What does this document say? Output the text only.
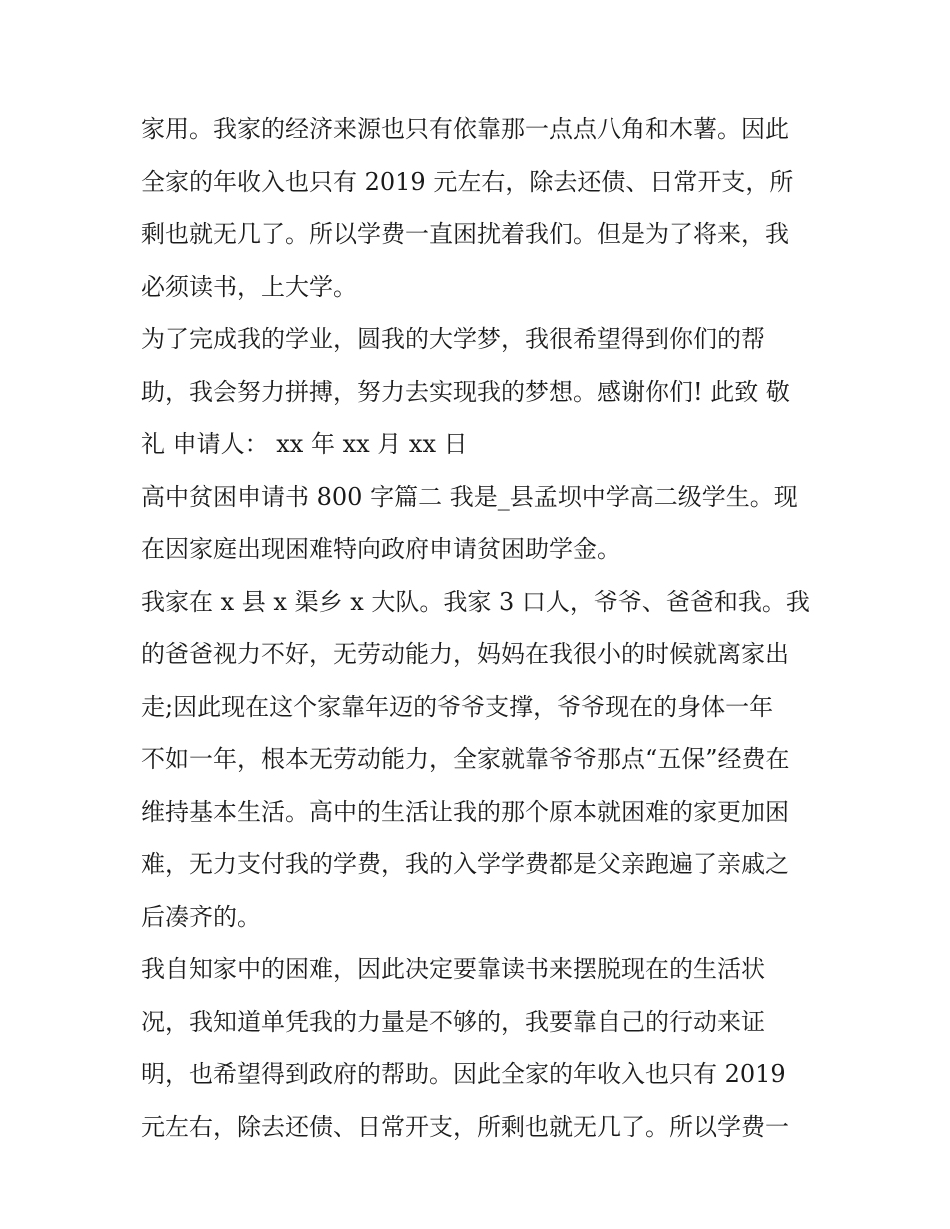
家用。我家的经济来源也只有依靠那一点点八角和木薯。因此
全家的年收入也只有 2019 元左右，除去还债、日常开支，所
剩也就无几了。所以学费一直困扰着我们。但是为了将来，我
必须读书，上大学。
为了完成我的学业，圆我的大学梦，我很希望得到你们的帮
助，我会努力拼搏，努力去实现我的梦想。感谢你们! 此致 敬
礼 申请人： xx 年 xx 月 xx 日
高中贫困申请书 800 字篇二 我是_县孟坝中学高二级学生。现
在因家庭出现困难特向政府申请贫困助学金。
我家在 x 县 x 渠乡 x 大队。我家 3 口人，爷爷、爸爸和我。我
的爸爸视力不好，无劳动能力，妈妈在我很小的时候就离家出
走;因此现在这个家靠年迈的爷爷支撑，爷爷现在的身体一年
不如一年，根本无劳动能力，全家就靠爷爷那点“五保”经费在
维持基本生活。高中的生活让我的那个原本就困难的家更加困
难，无力支付我的学费，我的入学学费都是父亲跑遍了亲戚之
后凑齐的。
我自知家中的困难，因此决定要靠读书来摆脱现在的生活状
况，我知道单凭我的力量是不够的，我要靠自己的行动来证
明，也希望得到政府的帮助。因此全家的年收入也只有 2019
元左右，除去还债、日常开支，所剩也就无几了。所以学费一
